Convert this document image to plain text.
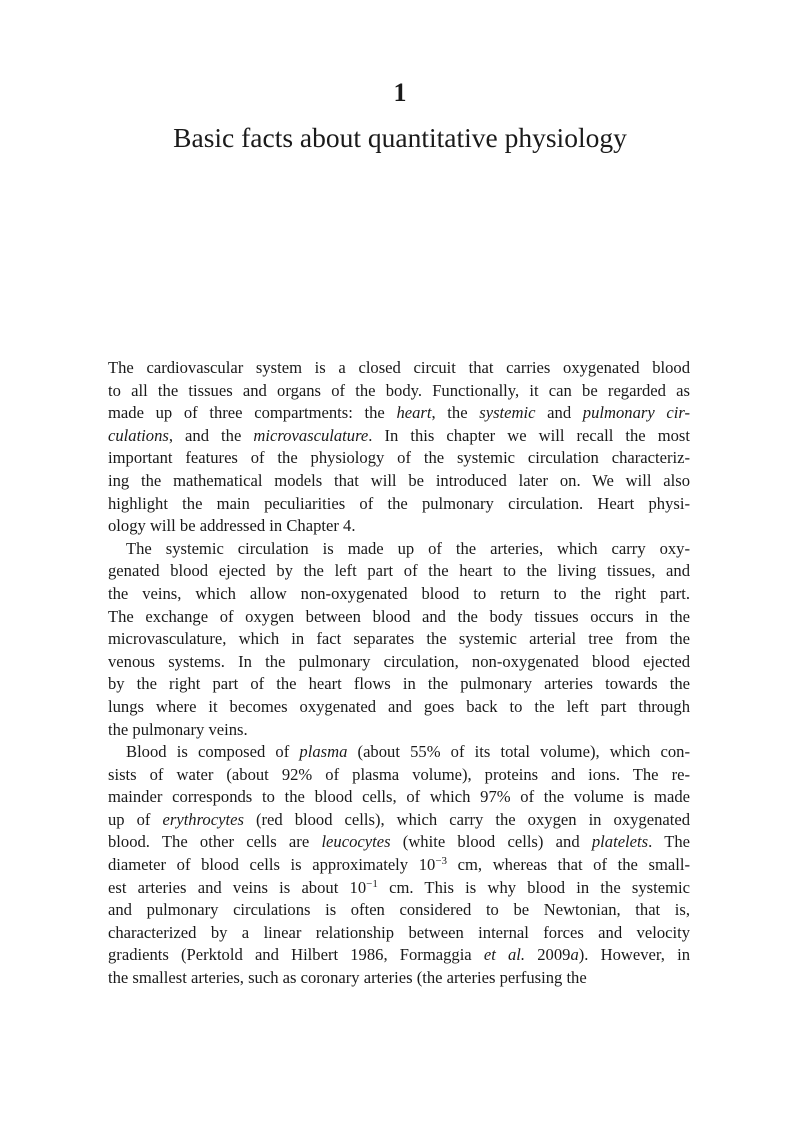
1
Basic facts about quantitative physiology
The cardiovascular system is a closed circuit that carries oxygenated blood
to all the tissues and organs of the body. Functionally, it can be regarded as
made up of three compartments: the heart, the systemic and pulmonary cir-
culations, and the microvasculature. In this chapter we will recall the most
important features of the physiology of the systemic circulation characteriz-
ing the mathematical models that will be introduced later on. We will also
highlight the main peculiarities of the pulmonary circulation. Heart physi-
ology will be addressed in Chapter 4.
The systemic circulation is made up of the arteries, which carry oxy-
genated blood ejected by the left part of the heart to the living tissues, and
the veins, which allow non-oxygenated blood to return to the right part.
The exchange of oxygen between blood and the body tissues occurs in the
microvasculature, which in fact separates the systemic arterial tree from the
venous systems. In the pulmonary circulation, non-oxygenated blood ejected
by the right part of the heart flows in the pulmonary arteries towards the
lungs where it becomes oxygenated and goes back to the left part through
the pulmonary veins.
Blood is composed of plasma (about 55% of its total volume), which con-
sists of water (about 92% of plasma volume), proteins and ions. The re-
mainder corresponds to the blood cells, of which 97% of the volume is made
up of erythrocytes (red blood cells), which carry the oxygen in oxygenated
blood. The other cells are leucocytes (white blood cells) and platelets. The
diameter of blood cells is approximately $10^{-3}$ cm, whereas that of the small-
est arteries and veins is about $10^{-1}$ cm. This is why blood in the systemic
and pulmonary circulations is often considered to be Newtonian, that is,
characterized by a linear relationship between internal forces and velocity
gradients (Perktold and Hilbert 1986, Formaggia et al. 2009a). However, in
the smallest arteries, such as coronary arteries (the arteries perfusing the
